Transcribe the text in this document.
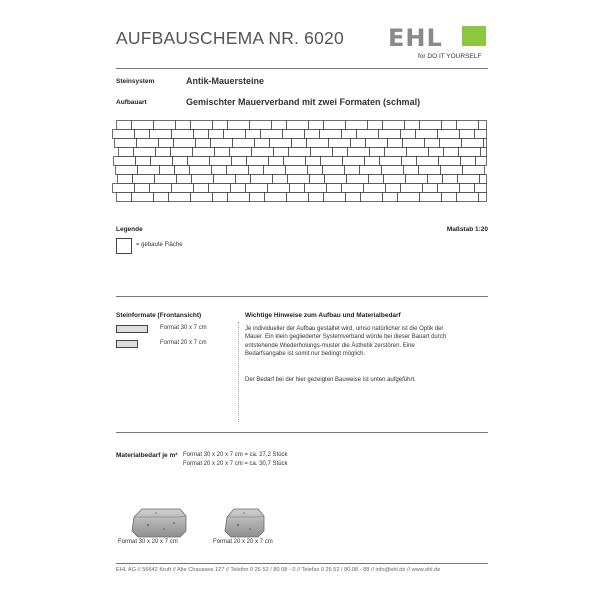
AUFBAUSCHEMA NR. 6020 EHL
for DO IT YOURSELF
Steinsystem	Antik-Mauersteine
Aufbauart	Gemischter Mauerverband mit zwei Formaten (schmal)
Legende	Maßstab 1:20
= gebaute Fläche
Steinformate (Frontansicht)
Format 30 x 7 cm
Format 20 x 7 cm
Wichtige Hinweise zum Aufbau und Materialbedarf
Je individueller der Aufbau gestaltet wird, umso natürlicher ist die Optik der Mauer. Ein klein gegliederter Systemverband würde bei dieser Bauart durch entstehende Wiederholungs-muster die Ästhetik zerstören. Eine Bedarfsangabe ist somit nur bedingt möglich.
Der Bedarf bei der hier gezeigten Bauweise ist unten aufgeführt.
Materialbedarf je m² Format 30 x 20 x 7 cm = ca. 27,2 Stück
Format 20 x 20 x 7 cm = ca. 30,7 Stück
Format 30 x 20 x 7 cm	Format 20 x 20 x 7 cm
EHL AG // 56642 Kruft // Alte Chaussee 127 // Telefon 0 26 52 / 80 08 - 0 // Telefax 0 26 52 / 80 08 - 88 // info@ehl.de // www.ehl.de
